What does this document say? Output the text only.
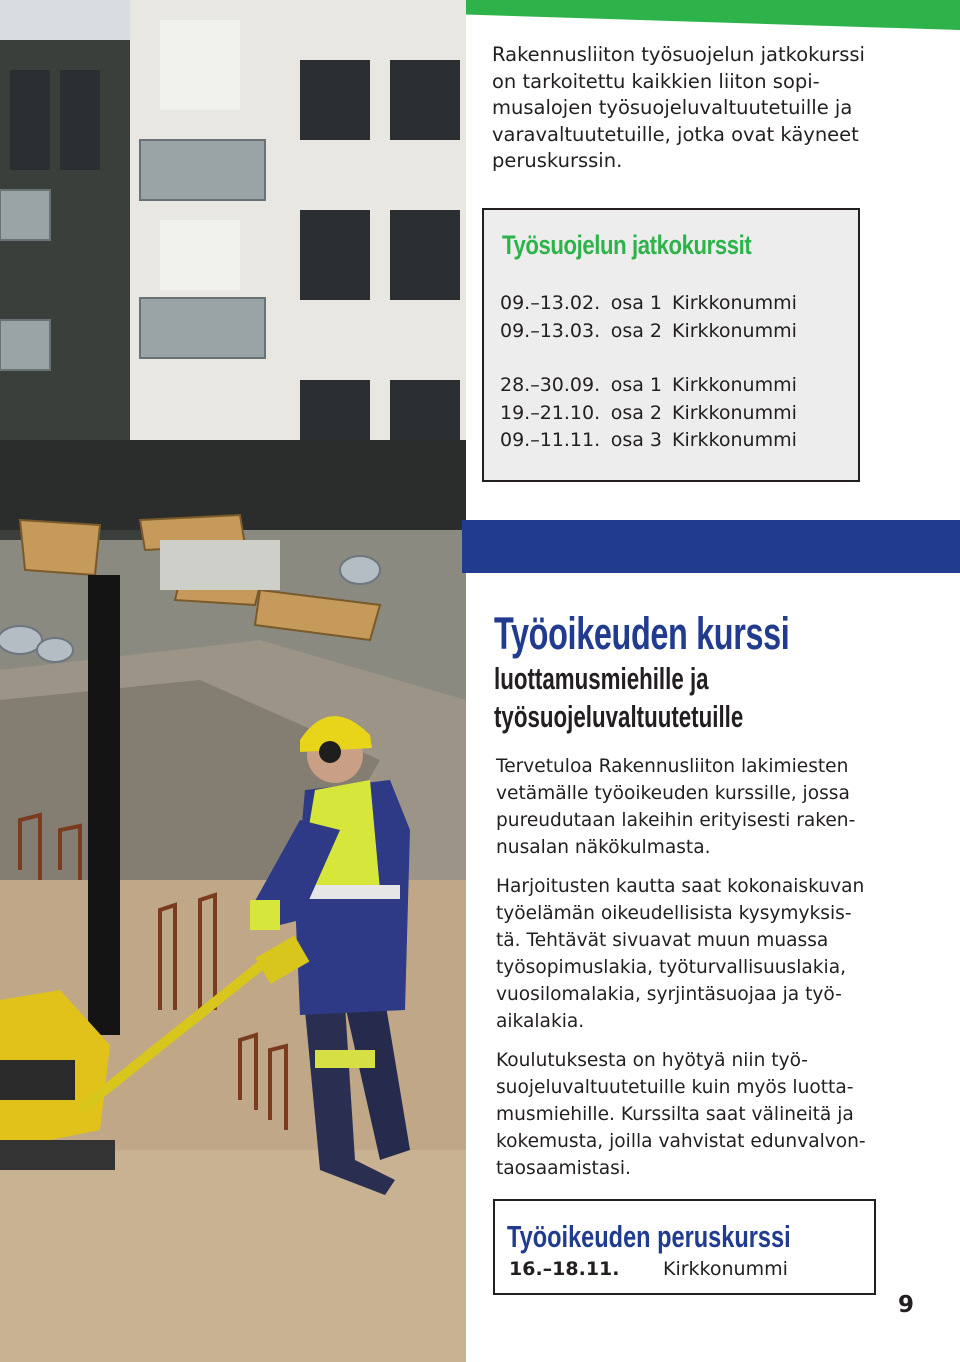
Rakennusliiton työsuojelun jatkokurssi
on tarkoitettu kaikkien liiton sopi-
musalojen työsuojeluvaltuutetuille ja
varavaltuutetuille, jotka ovat käyneet
peruskurssin.

Työsuojelun jatkokurssit
09.–13.02. osa 1 Kirkkonummi
09.–13.03. osa 2 Kirkkonummi
28.–30.09. osa 1 Kirkkonummi
19.–21.10. osa 2 Kirkkonummi
09.–11.11. osa 3 Kirkkonummi
Työoikeuden kurssi
luottamusmiehille ja
työsuojeluvaltuutetuille

Tervetuloa Rakennusliiton lakimiesten
vetämälle työoikeuden kurssille, jossa
pureudutaan lakeihin erityisesti raken-
nusalan näkökulmasta.

Harjoitusten kautta saat kokonaiskuvan
työelämän oikeudellisista kysymyksis-
tä. Tehtävät sivuavat muun muassa
työsopimuslakia, työturvallisuuslakia,
vuosilomalakia, syrjintäsuojaa ja työ-
aikalakia.

Koulutuksesta on hyötyä niin työ-
suojeluvaltuutetuille kuin myös luotta-
musmiehille. Kurssilta saat välineitä ja
kokemusta, joilla vahvistat edunvalvon-
taosaamistasi.

Työoikeuden peruskurssi
16.–18.11. Kirkkonummi
9
